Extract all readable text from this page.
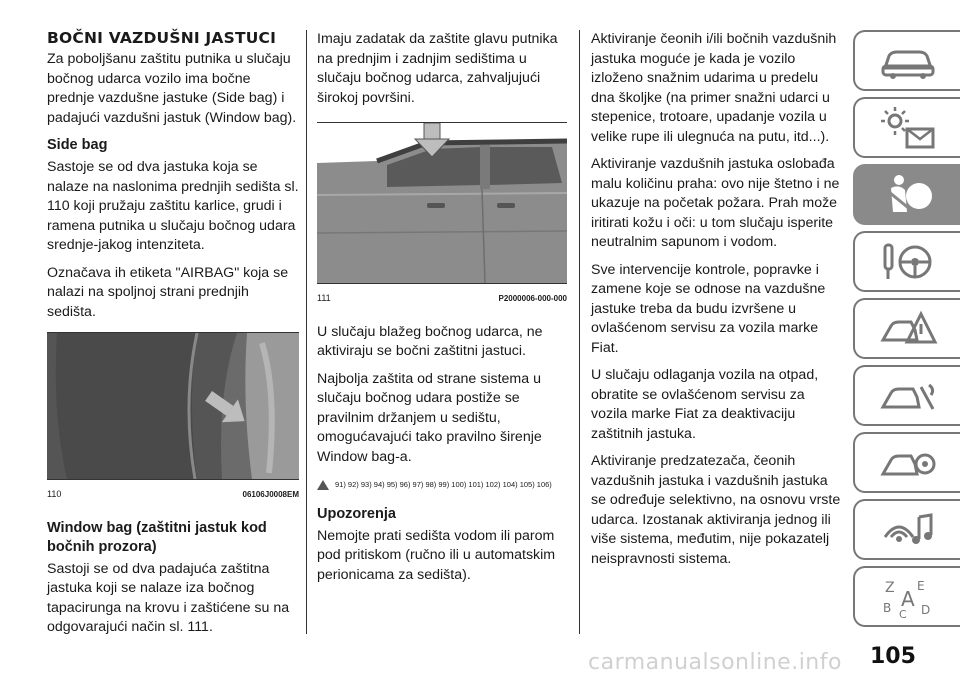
BOČNI VAZDUŠNI JASTUCI

Za poboljšanu zaštitu putnika u slučaju bočnog udarca vozilo ima bočne prednje vazdušne jastuke (Side bag) i padajući vazdušni jastuk (Window bag).

Side bag

Sastoje se od dva jastuka koja se nalaze na naslonima prednjih sedišta sl. 110 koji pružaju zaštitu karlice, grudi i ramena putnika u slučaju bočnog udara srednje-jakog intenziteta.

Označava ih etiketa "AIRBAG" koja se nalazi na spoljnoj strani prednjih sedišta.

110	06106J0008EM
Window bag (zaštitni jastuk kod bočnih prozora)

Sastoji se od dva padajuća zaštitna jastuka koji se nalaze iza bočnog tapacirunga na krovu i zaštićene su na odgovarajući način sl. 111.

Imaju zadatak da zaštite glavu putnika na prednjim i zadnjim sedištima u slučaju bočnog udarca, zahvaljujući širokoj površini.

111	P2000006-000-000

U slučaju blažeg bočnog udarca, ne aktiviraju se bočni zaštitni jastuci.

Najbolja zaštita od strane sistema u slučaju bočnog udara postiže se pravilnim držanjem u sedištu, omogućavajući tako pravilno širenje Window bag-a.

91) 92) 93) 94) 95) 96) 97) 98) 99) 100) 101) 102) 104) 105) 106)
Upozorenja

Nemojte prati sedišta vodom ili parom pod pritiskom (ručno ili u automatskim perionicama za sedišta).

Aktiviranje čeonih i/ili bočnih vazdušnih jastuka moguće je kada je vozilo izloženo snažnim udarima u predelu dna školjke (na primer snažni udarci u stepenice, trotoare, upadanje vozila u velike rupe ili ulegnuća na putu, itd...).

Aktiviranje vazdušnih jastuka oslobađa malu količinu praha: ovo nije štetno i ne ukazuje na početak požara. Prah može iritirati kožu i oči: u tom slučaju isperite neutralnim sapunom i vodom.

Sve intervencije kontrole, popravke i zamene koje se odnose na vazdušne jastuke treba da budu izvršene u ovlašćenom servisu za vozila marke Fiat.

U slučaju odlaganja vozila na otpad, obratite se ovlašćenom servisu za vozila marke Fiat za deaktivaciju zaštitnih jastuka.

Aktiviranje predzatezača, čeonih vazdušnih jastuka i vazdušnih jastuka se određuje selektivno, na osnovu vrste udarca. Izostanak aktiviranja jednog ili više sistema, međutim, nije pokazatelj neispravnosti sistema.

Z E
B A
C D
carmanualsonline.info 105
